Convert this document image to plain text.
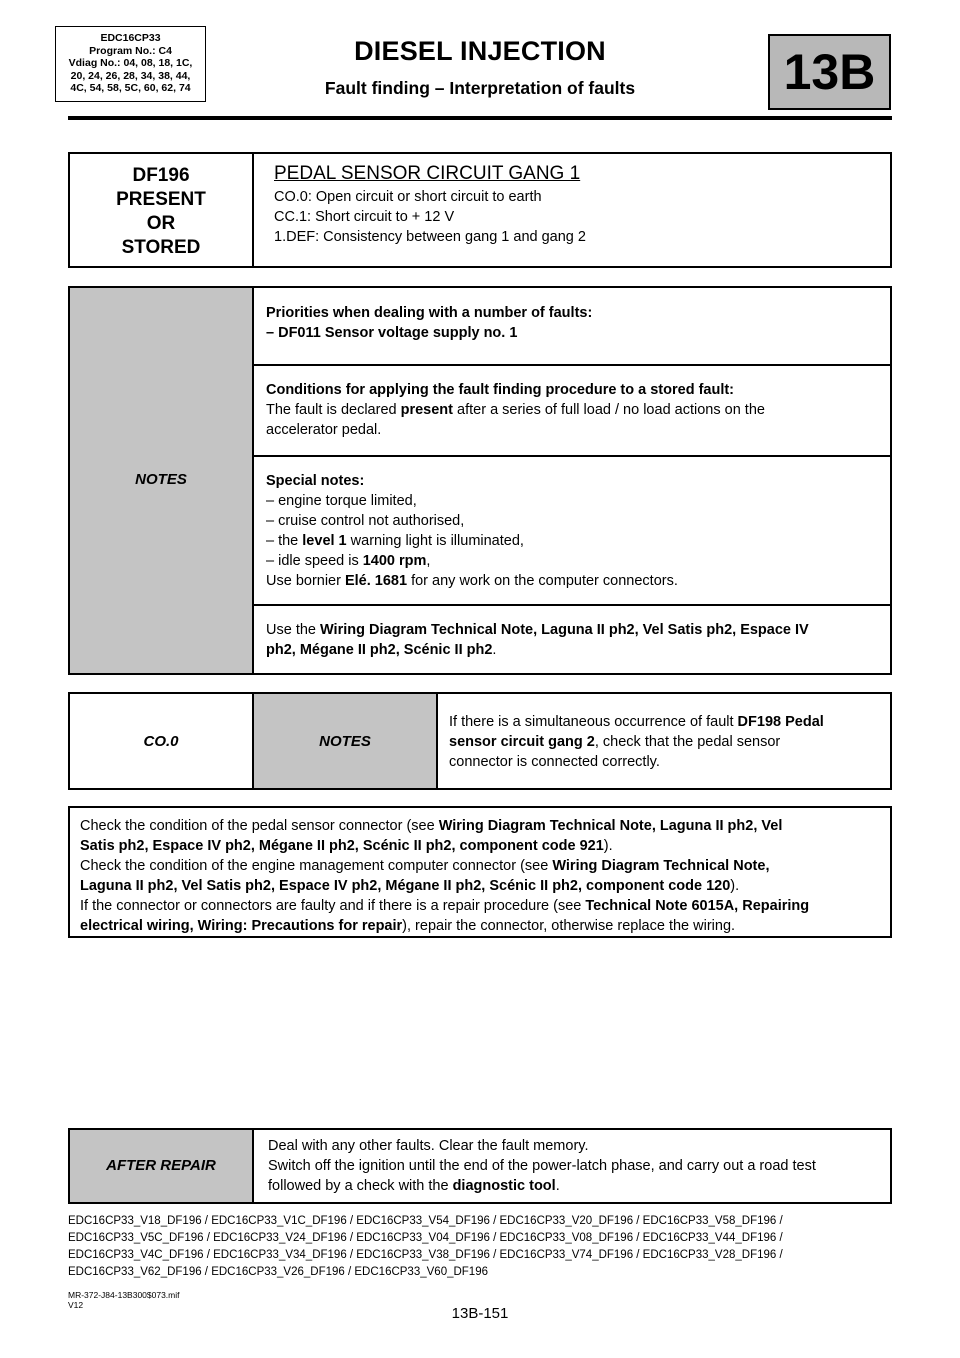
EDC16CP33
Program No.: C4
Vdiag No.: 04, 08, 18, 1C,
20, 24, 26, 28, 34, 38, 44,
4C, 54, 58, 5C, 60, 62, 74
DIESEL INJECTION
Fault finding – Interpretation of faults	13B
DF196
PRESENT
OR
STORED
PEDAL SENSOR CIRCUIT GANG 1
CO.0: Open circuit or short circuit to earth
CC.1: Short circuit to + 12 V
1.DEF: Consistency between gang 1 and gang 2
NOTES
Priorities when dealing with a number of faults:
– DF011 Sensor voltage supply no. 1
Conditions for applying the fault finding procedure to a stored fault:
The fault is declared present after a series of full load / no load actions on the
accelerator pedal.
Special notes:
– engine torque limited,
– cruise control not authorised,
– the level 1 warning light is illuminated,
– idle speed is 1400 rpm,
Use bornier Elé. 1681 for any work on the computer connectors.
Use the Wiring Diagram Technical Note, Laguna II ph2, Vel Satis ph2, Espace IV
ph2, Mégane II ph2, Scénic II ph2.
CO.0	NOTES
If there is a simultaneous occurrence of fault DF198 Pedal
sensor circuit gang 2, check that the pedal sensor
connector is connected correctly.
Check the condition of the pedal sensor connector (see Wiring Diagram Technical Note, Laguna II ph2, Vel
Satis ph2, Espace IV ph2, Mégane II ph2, Scénic II ph2, component code 921).
Check the condition of the engine management computer connector (see Wiring Diagram Technical Note,
Laguna II ph2, Vel Satis ph2, Espace IV ph2, Mégane II ph2, Scénic II ph2, component code 120).
If the connector or connectors are faulty and if there is a repair procedure (see Technical Note 6015A, Repairing
electrical wiring, Wiring: Precautions for repair), repair the connector, otherwise replace the wiring.
AFTER REPAIR
Deal with any other faults. Clear the fault memory.
Switch off the ignition until the end of the power-latch phase, and carry out a road test
followed by a check with the diagnostic tool.
EDC16CP33_V18_DF196 / EDC16CP33_V1C_DF196 / EDC16CP33_V54_DF196 / EDC16CP33_V20_DF196 / EDC16CP33_V58_DF196 /
EDC16CP33_V5C_DF196 / EDC16CP33_V24_DF196 / EDC16CP33_V04_DF196 / EDC16CP33_V08_DF196 / EDC16CP33_V44_DF196 /
EDC16CP33_V4C_DF196 / EDC16CP33_V34_DF196 / EDC16CP33_V38_DF196 / EDC16CP33_V74_DF196 / EDC16CP33_V28_DF196 /
EDC16CP33_V62_DF196 / EDC16CP33_V26_DF196 / EDC16CP33_V60_DF196
MR-372-J84-13B300$073.mif
V12	13B-151
